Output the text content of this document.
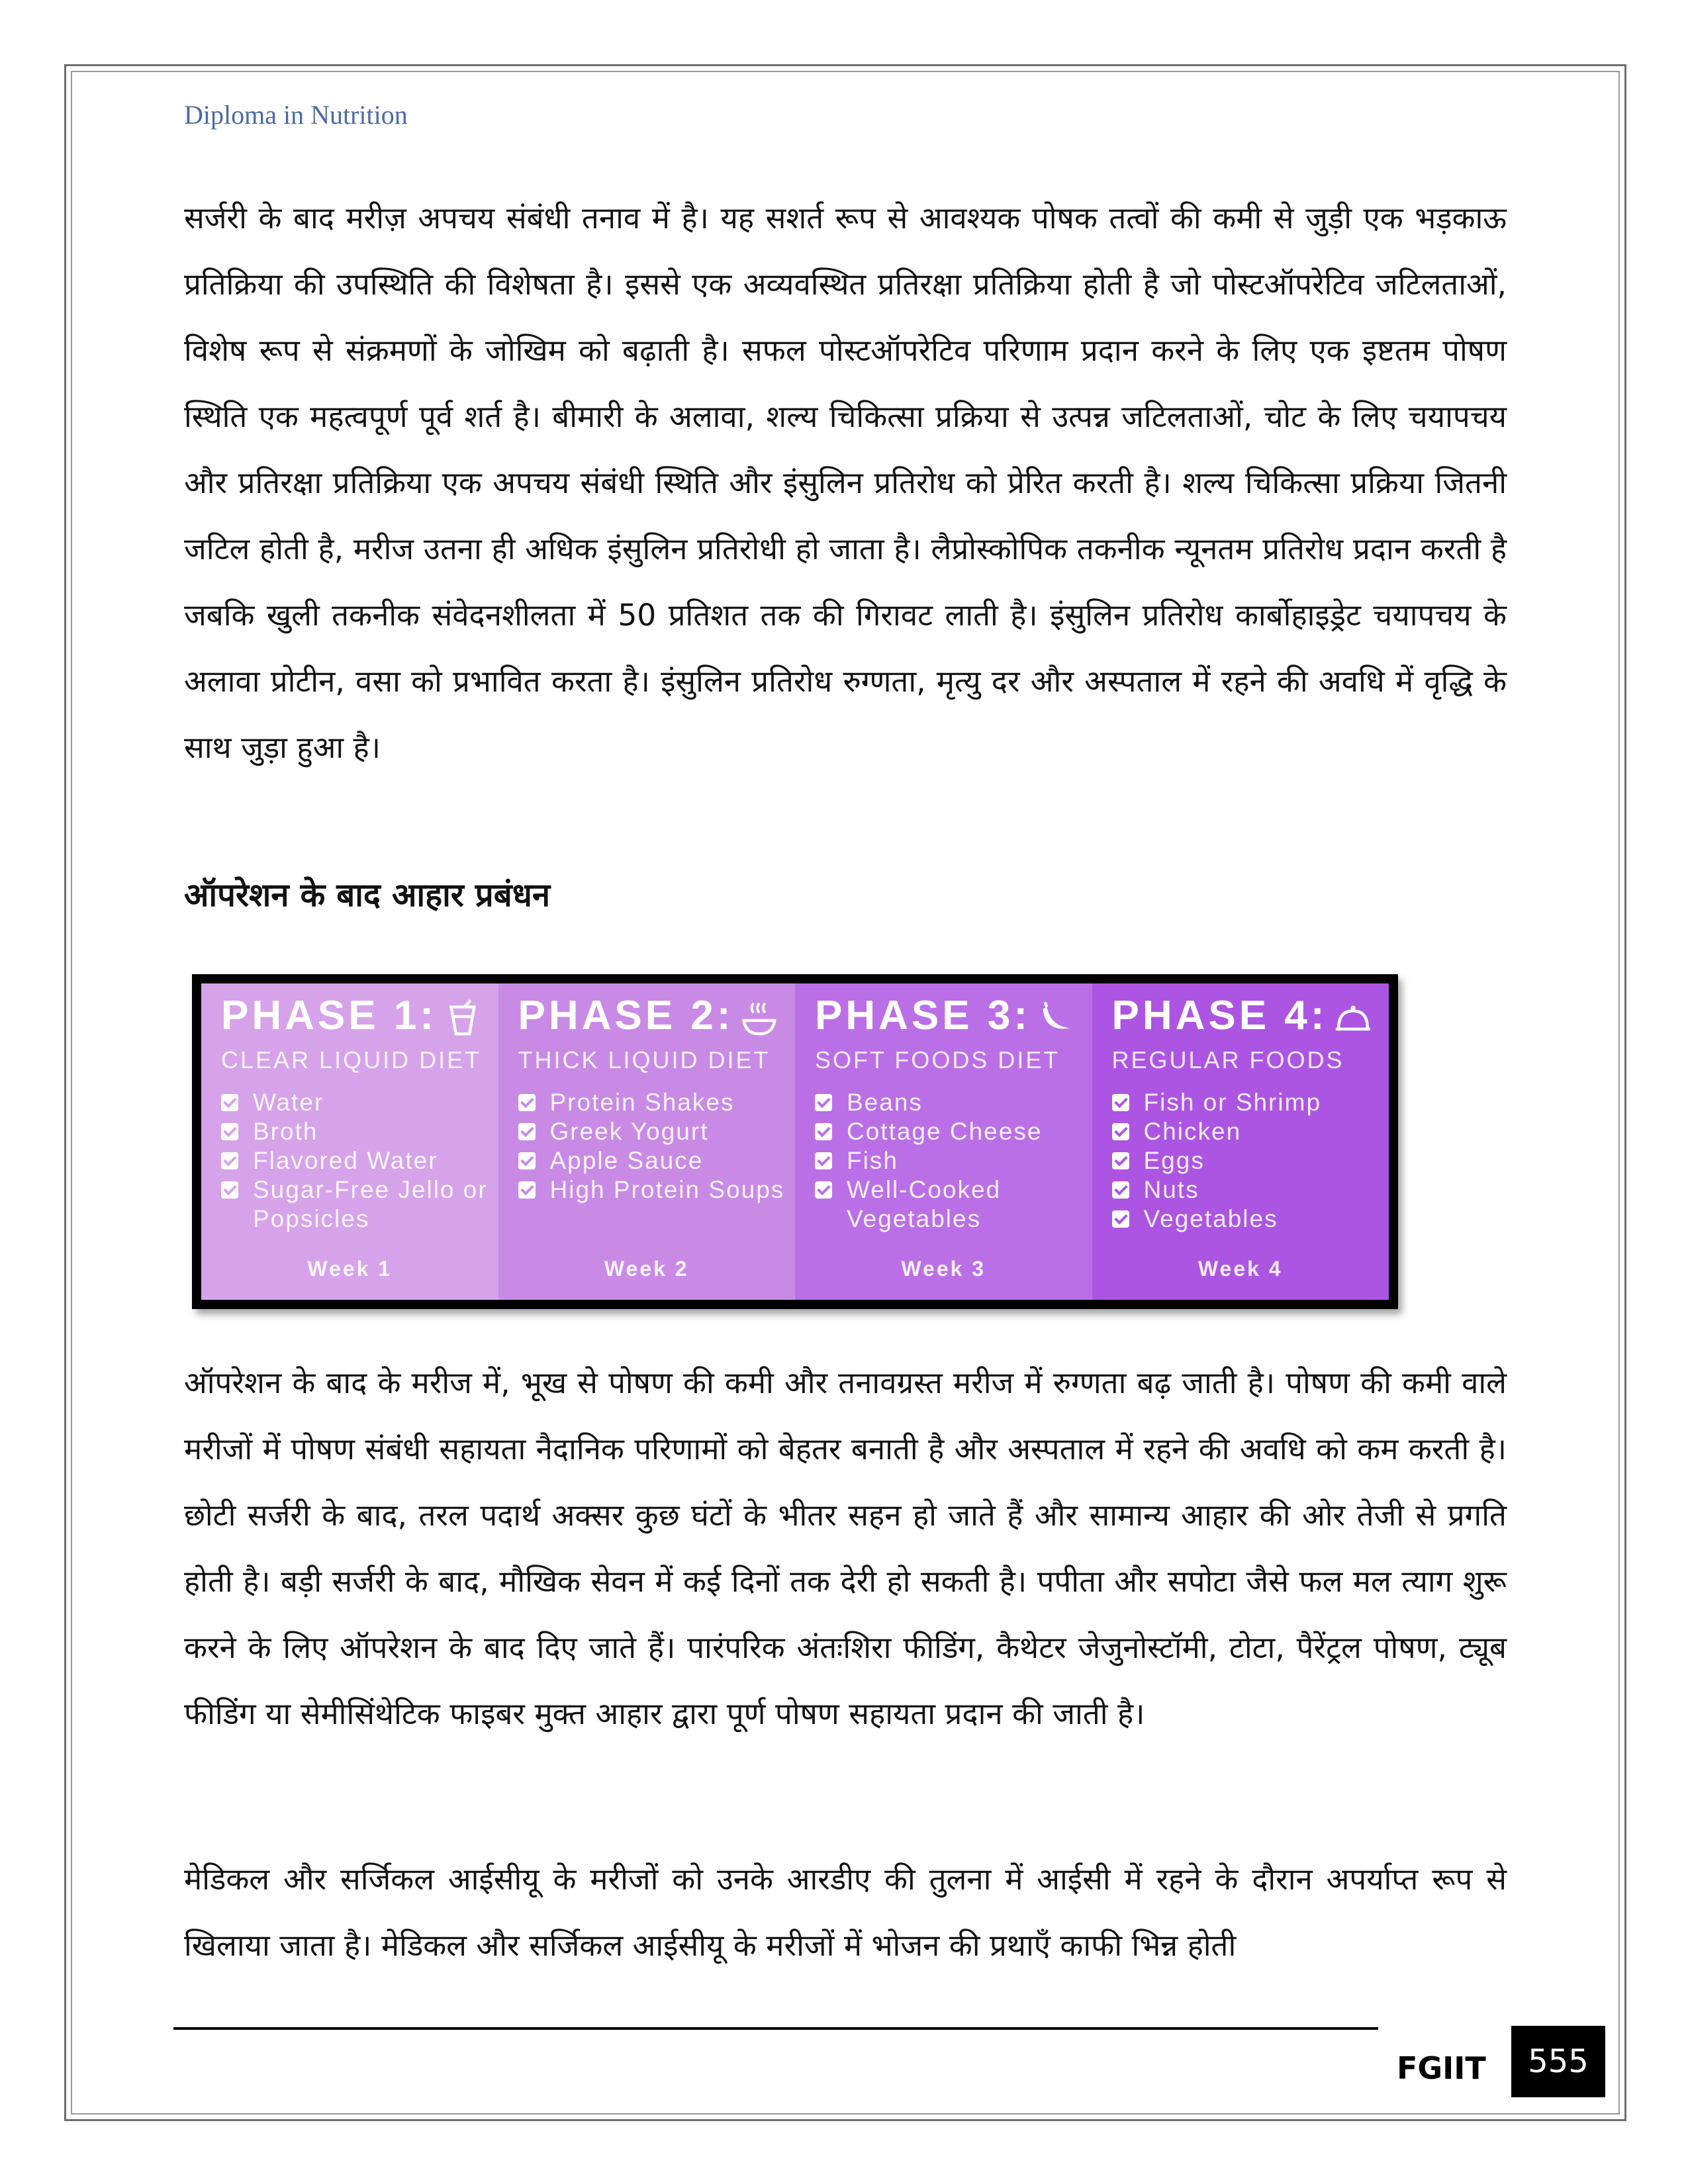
Diploma in Nutrition

सर्जरी के बाद मरीज़ अपचय संबंधी तनाव में है। यह सशर्त रूप से आवश्यक पोषक तत्वों की कमी से जुड़ी एक भड़काऊ प्रतिक्रिया की उपस्थिति की विशेषता है। इससे एक अव्यवस्थित प्रतिरक्षा प्रतिक्रिया होती है जो पोस्टऑपरेटिव जटिलताओं, विशेष रूप से संक्रमणों के जोखिम को बढ़ाती है। सफल पोस्टऑपरेटिव परिणाम प्रदान करने के लिए एक इष्टतम पोषण स्थिति एक महत्वपूर्ण पूर्व शर्त है। बीमारी के अलावा, शल्य चिकित्सा प्रक्रिया से उत्पन्न जटिलताओं, चोट के लिए चयापचय और प्रतिरक्षा प्रतिक्रिया एक अपचय संबंधी स्थिति और इंसुलिन प्रतिरोध को प्रेरित करती है। शल्य चिकित्सा प्रक्रिया जितनी जटिल होती है, मरीज उतना ही अधिक इंसुलिन प्रतिरोधी हो जाता है। लैप्रोस्कोपिक तकनीक न्यूनतम प्रतिरोध प्रदान करती है जबकि खुली तकनीक संवेदनशीलता में 50 प्रतिशत तक की गिरावट लाती है। इंसुलिन प्रतिरोध कार्बोहाइड्रेट चयापचय के अलावा प्रोटीन, वसा को प्रभावित करता है। इंसुलिन प्रतिरोध रुग्णता, मृत्यु दर और अस्पताल में रहने की अवधि में वृद्धि के साथ जुड़ा हुआ है।

ऑपरेशन के बाद आहार प्रबंधन
PHASE 1:
CLEAR LIQUID DIET
Water
Broth
Flavored Water
Sugar-Free Jello or Popsicles
Week 1
PHASE 2:
THICK LIQUID DIET
Protein Shakes
Greek Yogurt
Apple Sauce
High Protein Soups
Week 2
PHASE 3:
SOFT FOODS DIET
Beans
Cottage Cheese
Fish
Well-Cooked Vegetables
Week 3
PHASE 4:
REGULAR FOODS
Fish or Shrimp
Chicken
Eggs
Nuts
Vegetables
Week 4

ऑपरेशन के बाद के मरीज में, भूख से पोषण की कमी और तनावग्रस्त मरीज में रुग्णता बढ़ जाती है। पोषण की कमी वाले मरीजों में पोषण संबंधी सहायता नैदानिक परिणामों को बेहतर बनाती है और अस्पताल में रहने की अवधि को कम करती है।छोटी सर्जरी के बाद, तरल पदार्थ अक्सर कुछ घंटों के भीतर सहन हो जाते हैं और सामान्य आहार की ओर तेजी से प्रगति होती है। बड़ी सर्जरी के बाद, मौखिक सेवन में कई दिनों तक देरी हो सकती है। पपीता और सपोटा जैसे फल मल त्याग शुरू करने के लिए ऑपरेशन के बाद दिए जाते हैं। पारंपरिक अंतःशिरा फीडिंग, कैथेटर जेजुनोस्टॉमी, टोटा, पैरेंट्रल पोषण, ट्यूब फीडिंग या सेमीसिंथेटिक फाइबर मुक्त आहार द्वारा पूर्ण पोषण सहायता प्रदान की जाती है।

मेडिकल और सर्जिकल आईसीयू के मरीजों को उनके आरडीए की तुलना में आईसी में रहने के दौरान अपर्याप्त रूप से खिलाया जाता है। मेडिकल और सर्जिकल आईसीयू के मरीजों में भोजन की प्रथाएँ काफी भिन्न होती

FGIIT	555
